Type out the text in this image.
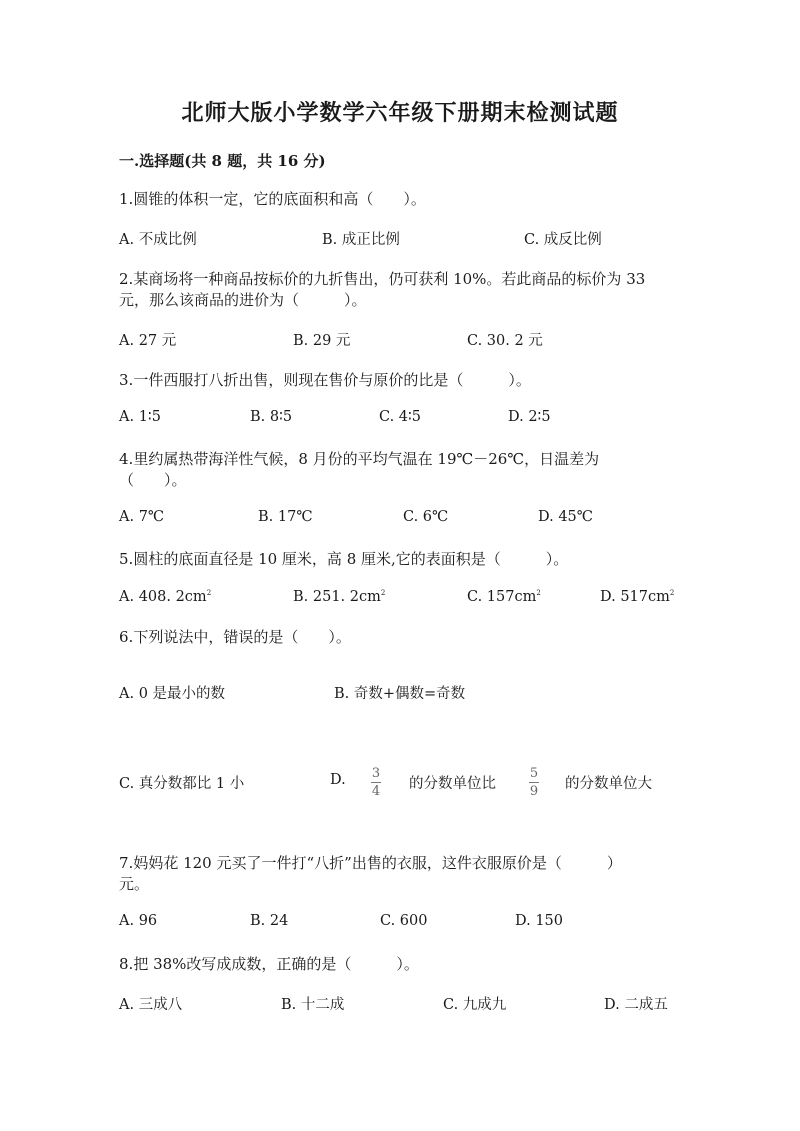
北师大版小学数学六年级下册期末检测试题
一.选择题(共 8 题，共 16 分)
1.圆锥的体积一定，它的底面积和高（　　）。
A. 不成比例	B. 成正比例	C. 成反比例
2.某商场将一种商品按标价的九折售出，仍可获利 10%。若此商品的标价为 33
元，那么该商品的进价为（　　　）。
A. 27 元	B. 29 元	C. 30. 2 元
3.一件西服打八折出售，则现在售价与原价的比是（　　　）。
A. 1∶5	B. 8∶5	C. 4∶5	D. 2∶5
4.里约属热带海洋性气候，8 月份的平均气温在 19℃－26℃，日温差为
（　　）。
A. 7℃	B. 17℃	C. 6℃	D. 45℃
5.圆柱的底面直径是 10 厘米，高 8 厘米,它的表面积是（　　　）。
A. 408. $2cm^2$	B. 251. $2cm^2$	C. $157cm^2$	D. $517cm^2$
6.下列说法中，错误的是（　　）。
A. 0 是最小的数	B. 奇数+偶数=奇数
C. 真分数都比 1 小	D. 3
4 的分数单位比
5
9 的分数单位大
7.妈妈花 120 元买了一件打“八折”出售的衣服，这件衣服原价是（　　　）
元。
A. 96	B. 24	C. 600	D. 150
8.把 38%改写成成数，正确的是（　　　）。
A. 三成八	B. 十二成	C. 九成九	D. 二成五
